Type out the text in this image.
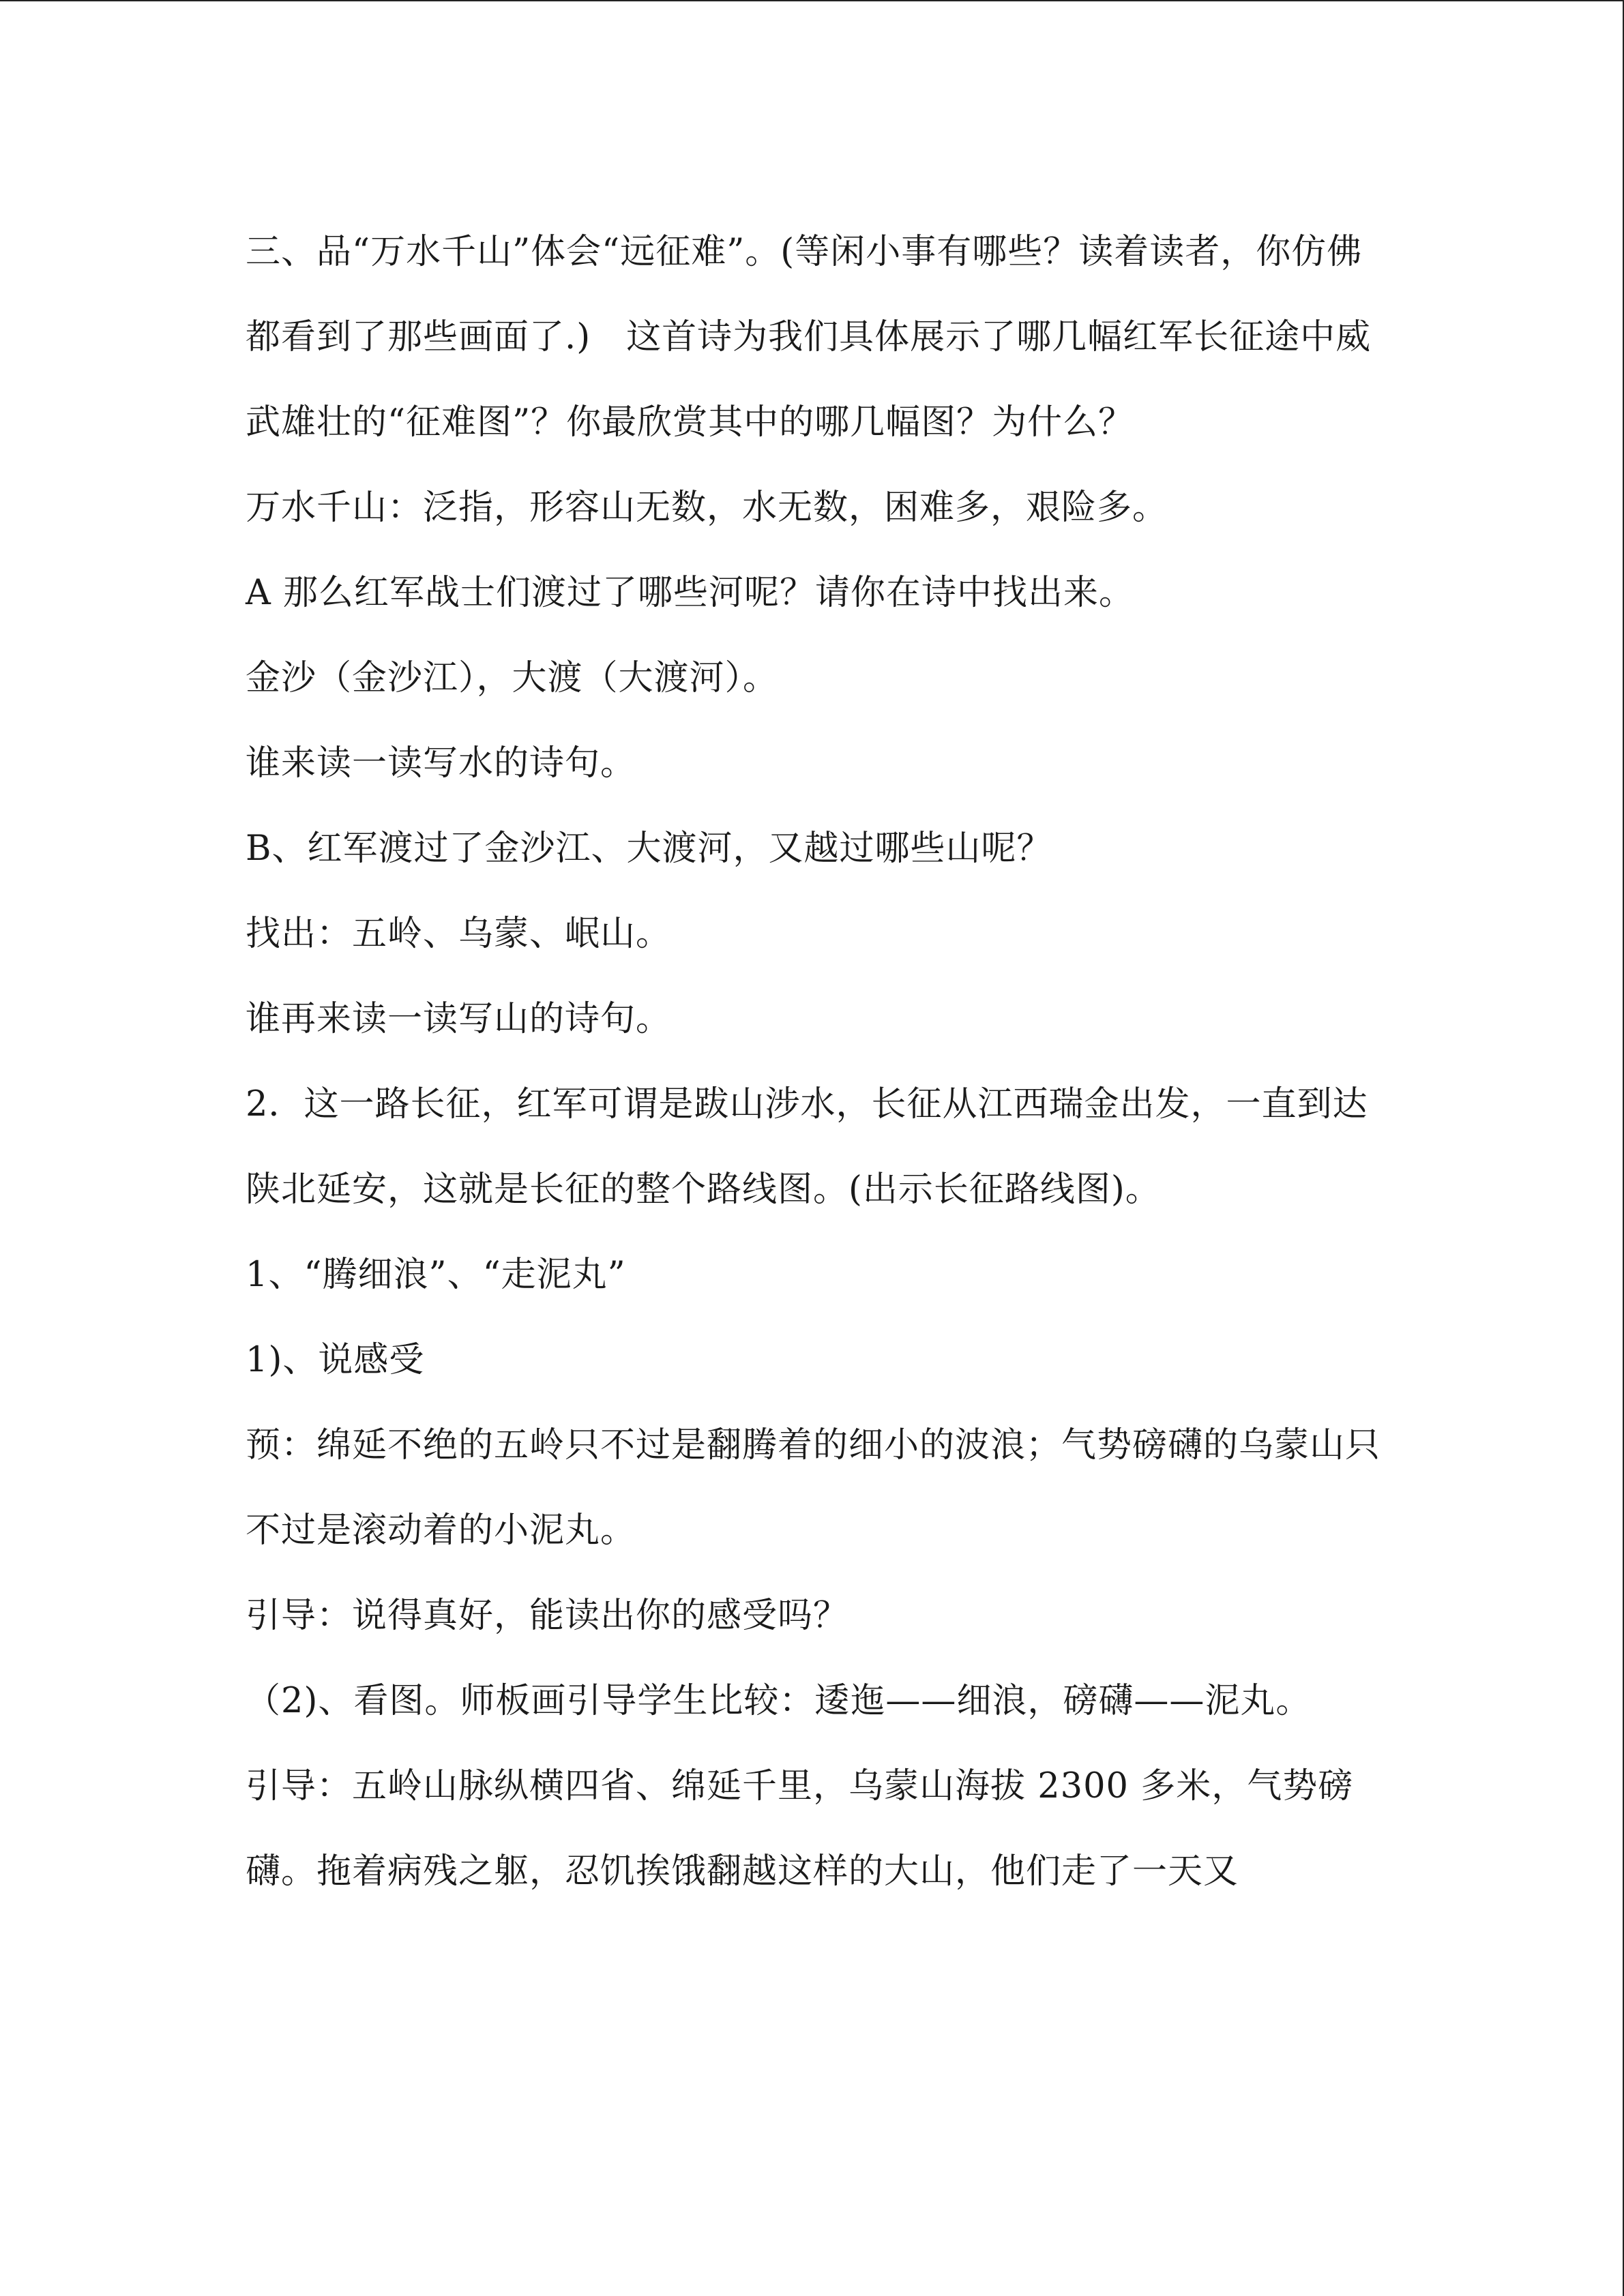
三、品“万水千山”体会“远征难”。(等闲小事有哪些？读着读者，你仿佛都看到了那些画面了.)　这首诗为我们具体展示了哪几幅红军长征途中威武雄壮的“征难图”？你最欣赏其中的哪几幅图？为什么？

万水千山：泛指，形容山无数，水无数，困难多，艰险多。

A 那么红军战士们渡过了哪些河呢？请你在诗中找出来。

金沙（金沙江），大渡（大渡河）。

谁来读一读写水的诗句。

B、红军渡过了金沙江、大渡河，又越过哪些山呢？

找出：五岭、乌蒙、岷山。

谁再来读一读写山的诗句。

2．这一路长征，红军可谓是跋山涉水，长征从江西瑞金出发，一直到达陕北延安，这就是长征的整个路线图。(出示长征路线图)。

1、“腾细浪”、“走泥丸”

1)、说感受

预：绵延不绝的五岭只不过是翻腾着的细小的波浪；气势磅礴的乌蒙山只不过是滚动着的小泥丸。

引导：说得真好，能读出你的感受吗？

（2)、看图。师板画引导学生比较：逶迤——细浪，磅礴——泥丸。

引导：五岭山脉纵横四省、绵延千里，乌蒙山海拔 2300 多米，气势磅礴。拖着病残之躯，忍饥挨饿翻越这样的大山，他们走了一天又
